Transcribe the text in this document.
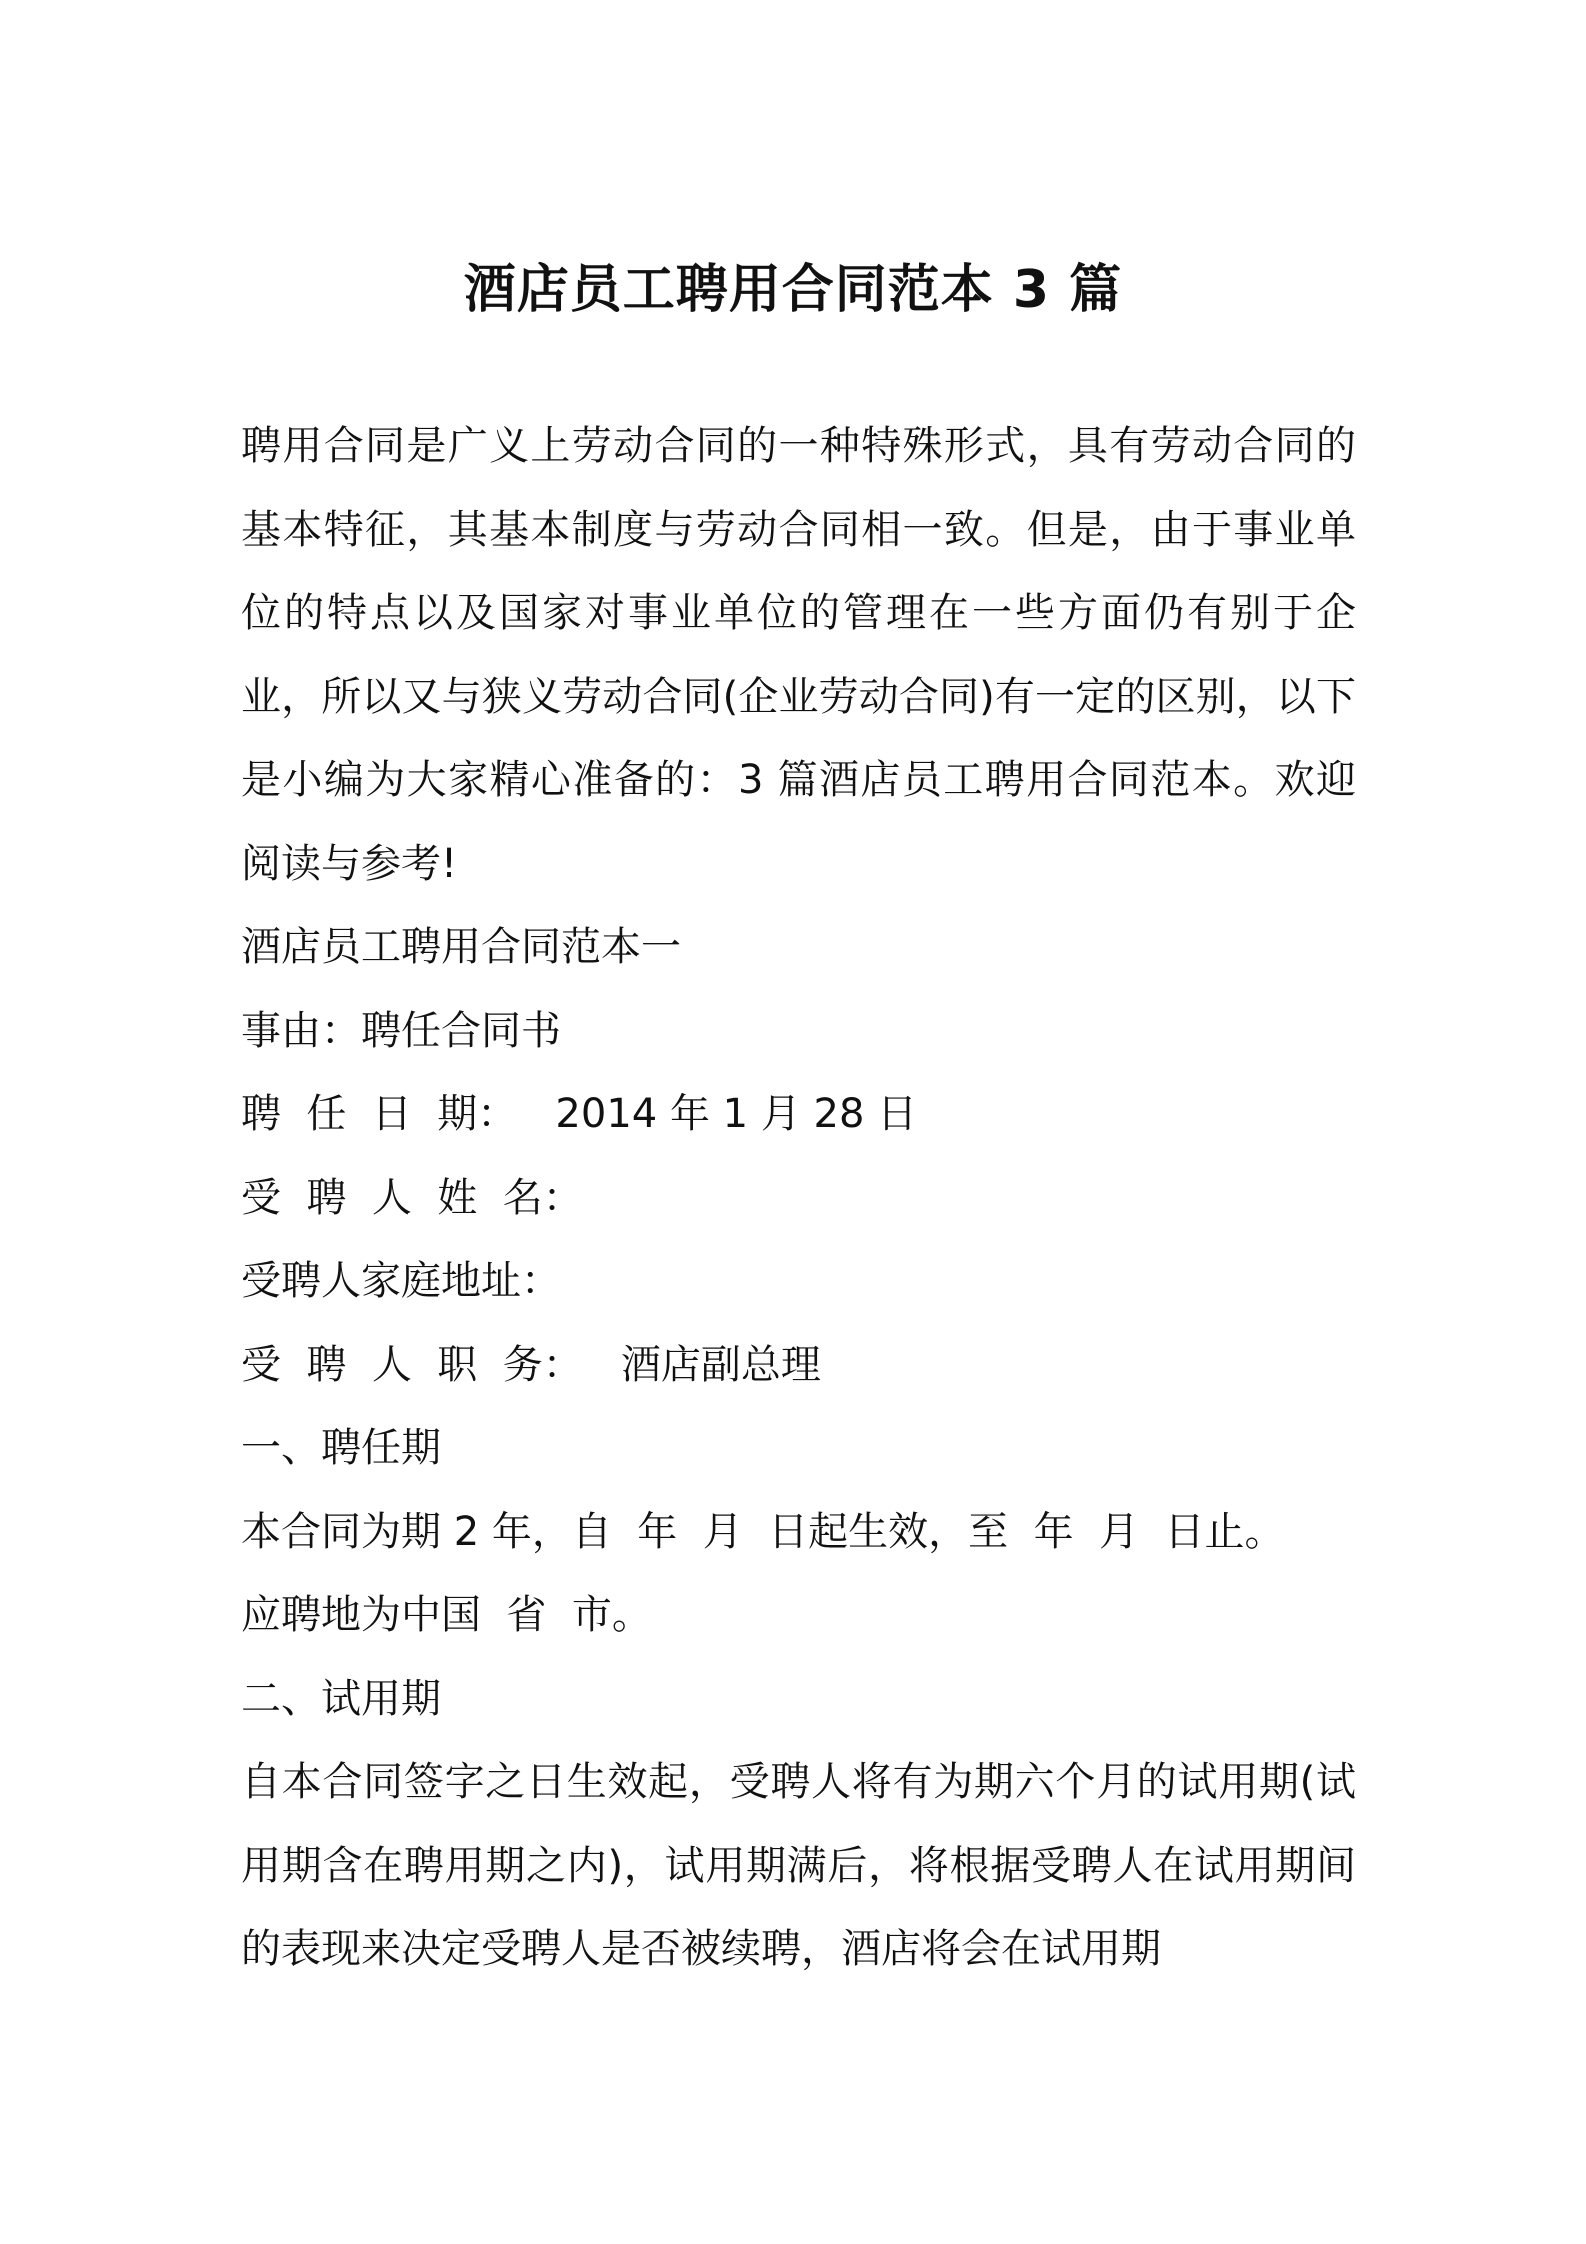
酒店员工聘用合同范本 3 篇

聘用合同是广义上劳动合同的一种特殊形式，具有劳动合同的基本特征，其基本制度与劳动合同相一致。但是，由于事业单位的特点以及国家对事业单位的管理在一些方面仍有别于企业，所以又与狭义劳动合同(企业劳动合同)有一定的区别，以下是小编为大家精心准备的：3 篇酒店员工聘用合同范本。欢迎阅读与参考!

酒店员工聘用合同范本一

事由：聘任合同书

聘  任  日  期：   2014 年 1 月 28 日

受  聘  人  姓  名：

受聘人家庭地址：

受  聘  人  职  务：   酒店副总理

一、聘任期

本合同为期 2 年，自  年  月  日起生效，至  年  月  日止。

应聘地为中国  省  市。

二、试用期

自本合同签字之日生效起，受聘人将有为期六个月的试用期(试用期含在聘用期之内)，试用期满后，将根据受聘人在试用期间的表现来决定受聘人是否被续聘，酒店将会在试用期
